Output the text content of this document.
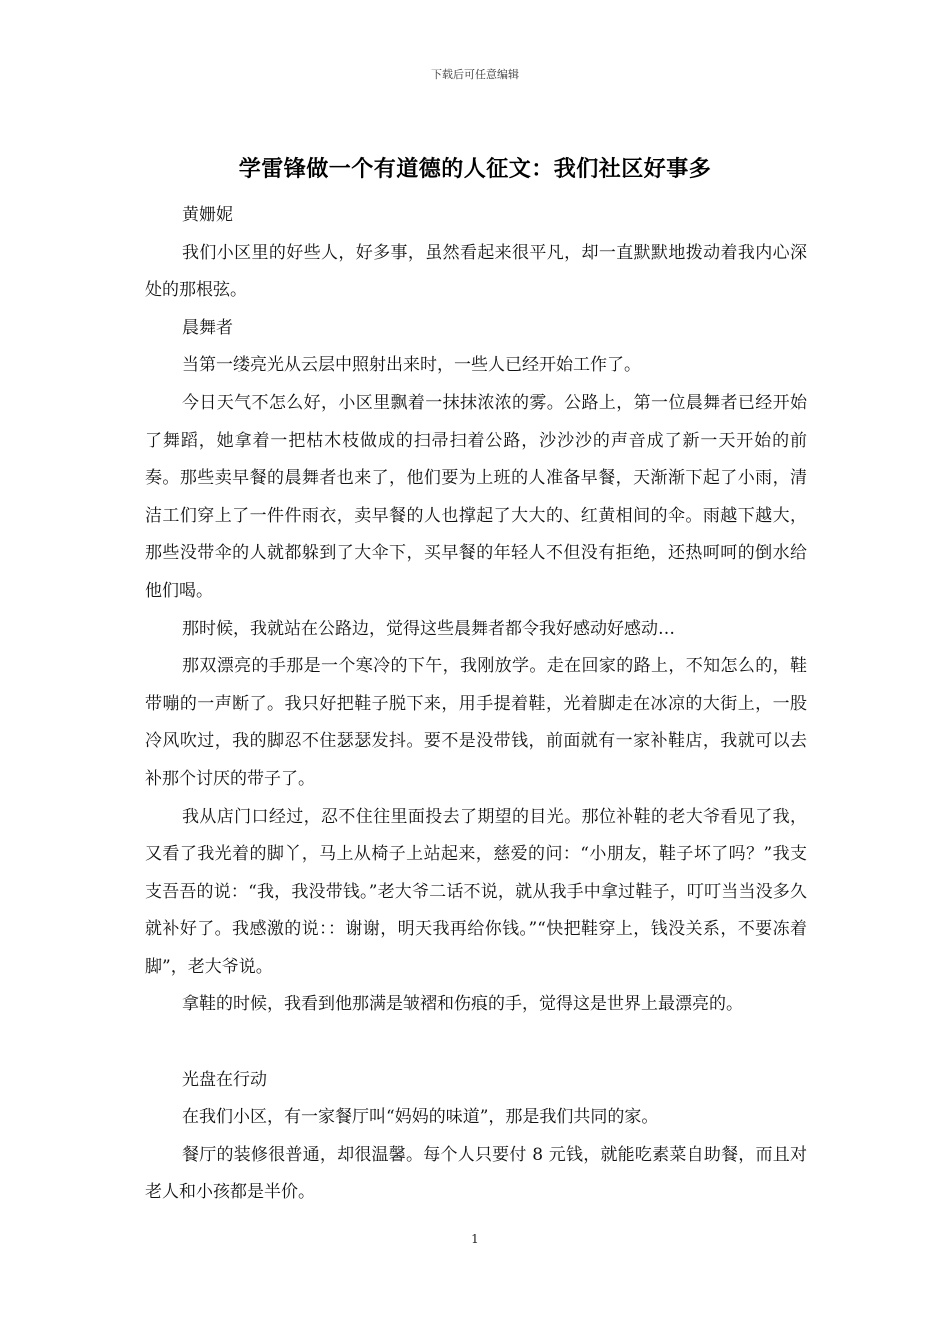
下载后可任意编辑
学雷锋做一个有道德的人征文：我们社区好事多

黄姗妮

我们小区里的好些人，好多事，虽然看起来很平凡，却一直默默地拨动着我内心深处的那根弦。

晨舞者

当第一缕亮光从云层中照射出来时，一些人已经开始工作了。

今日天气不怎么好，小区里飘着一抹抹浓浓的雾。公路上，第一位晨舞者已经开始了舞蹈，她拿着一把枯木枝做成的扫帚扫着公路，沙沙沙的声音成了新一天开始的前奏。那些卖早餐的晨舞者也来了，他们要为上班的人准备早餐，天渐渐下起了小雨，清洁工们穿上了一件件雨衣，卖早餐的人也撑起了大大的、红黄相间的伞。雨越下越大，那些没带伞的人就都躲到了大伞下，买早餐的年轻人不但没有拒绝，还热呵呵的倒水给他们喝。

那时候，我就站在公路边，觉得这些晨舞者都令我好感动好感动…

那双漂亮的手那是一个寒冷的下午，我刚放学。走在回家的路上，不知怎么的，鞋带嘣的一声断了。我只好把鞋子脱下来，用手提着鞋，光着脚走在冰凉的大街上，一股冷风吹过，我的脚忍不住瑟瑟发抖。要不是没带钱，前面就有一家补鞋店，我就可以去补那个讨厌的带子了。

我从店门口经过，忍不住往里面投去了期望的目光。那位补鞋的老大爷看见了我，又看了我光着的脚丫，马上从椅子上站起来，慈爱的问：“小朋友，鞋子坏了吗？”我支支吾吾的说：“我，我没带钱。”老大爷二话不说，就从我手中拿过鞋子，叮叮当当没多久就补好了。我感激的说：：谢谢，明天我再给你钱。”“快把鞋穿上，钱没关系，不要冻着脚”，老大爷说。

拿鞋的时候，我看到他那满是皱褶和伤痕的手，觉得这是世界上最漂亮的。

光盘在行动

在我们小区，有一家餐厅叫“妈妈的味道”，那是我们共同的家。

餐厅的装修很普通，却很温馨。每个人只要付 8 元钱，就能吃素菜自助餐，而且对老人和小孩都是半价。

1
